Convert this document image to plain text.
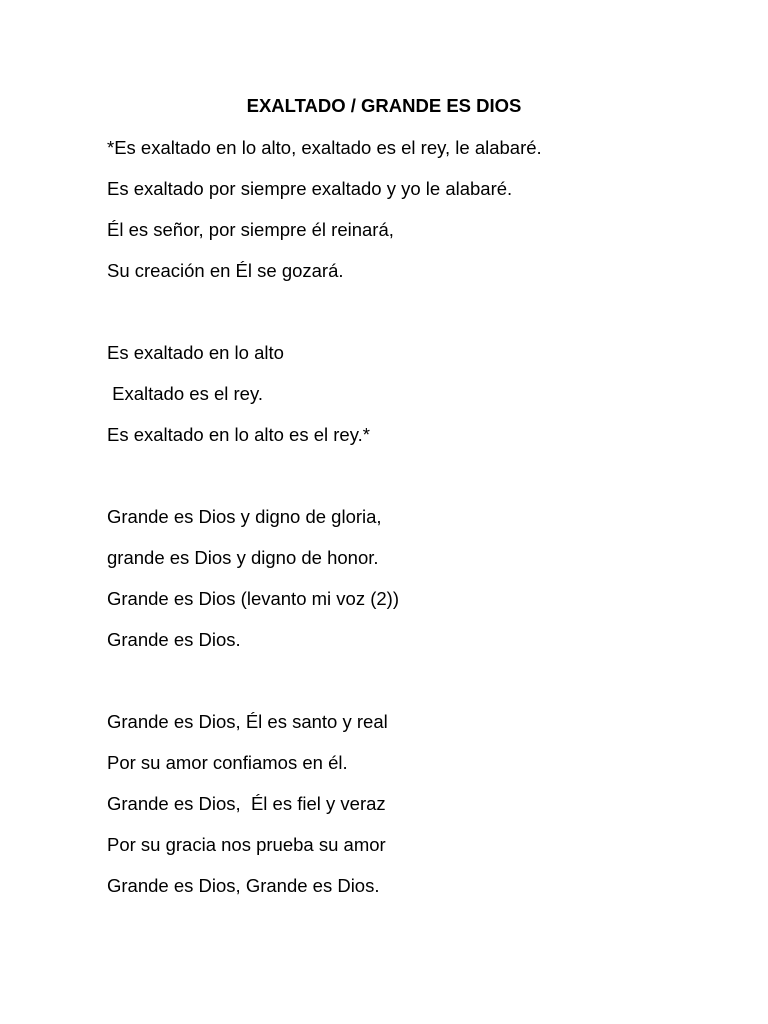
EXALTADO / GRANDE ES DIOS
*Es exaltado en lo alto, exaltado es el rey, le alabaré.
Es exaltado por siempre exaltado y yo le alabaré.
Él es señor, por siempre él reinará,
Su creación en Él se gozará.
Es exaltado en lo alto
Exaltado es el rey.
Es exaltado en lo alto es el rey.*
Grande es Dios y digno de gloria,
grande es Dios y digno de honor.
Grande es Dios (levanto mi voz (2))
Grande es Dios.
Grande es Dios, Él es santo y real
Por su amor confiamos en él.
Grande es Dios,  Él es fiel y veraz
Por su gracia nos prueba su amor
Grande es Dios, Grande es Dios.
